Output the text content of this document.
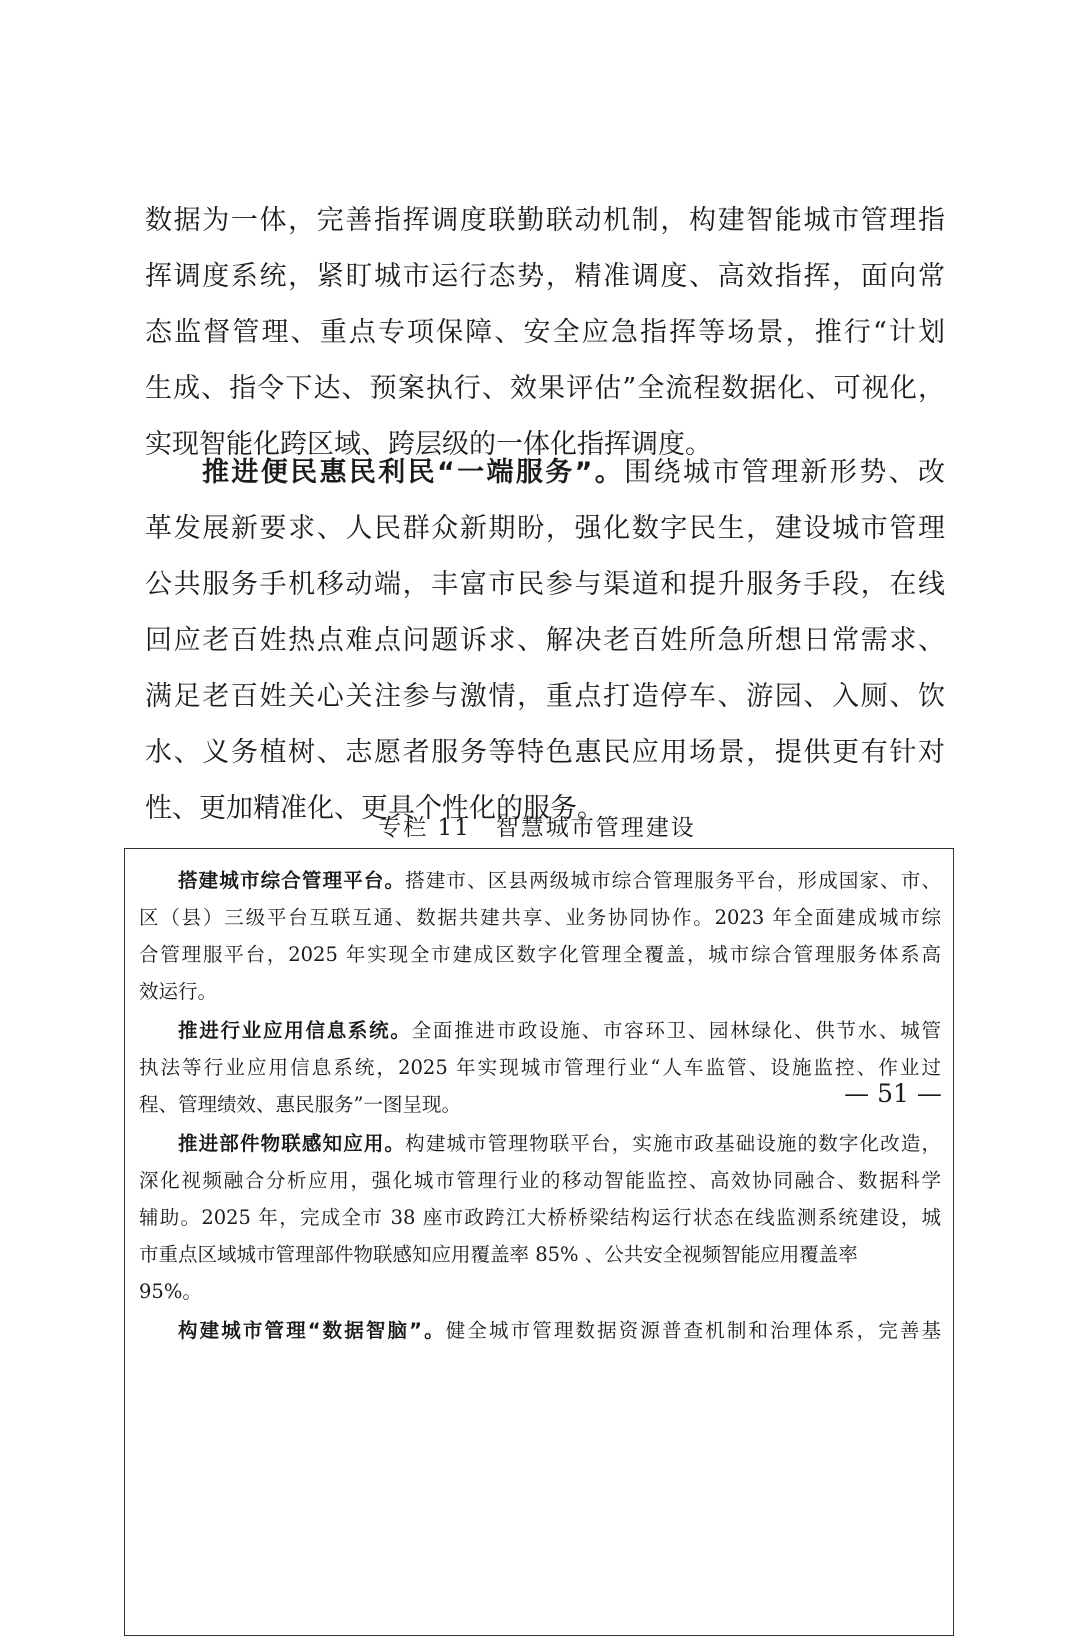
数据为一体，完善指挥调度联勤联动机制，构建智能城市管理指
挥调度系统，紧盯城市运行态势，精准调度、高效指挥，面向常
态监督管理、重点专项保障、安全应急指挥等场景，推行“计划
生成、指令下达、预案执行、效果评估”全流程数据化、可视化，
实现智能化跨区域、跨层级的一体化指挥调度。
推进便民惠民利民“一端服务”。围绕城市管理新形势、改
革发展新要求、人民群众新期盼，强化数字民生，建设城市管理
公共服务手机移动端，丰富市民参与渠道和提升服务手段，在线
回应老百姓热点难点问题诉求、解决老百姓所急所想日常需求、
满足老百姓关心关注参与激情，重点打造停车、游园、入厕、饮
水、义务植树、志愿者服务等特色惠民应用场景，提供更有针对
性、更加精准化、更具个性化的服务。
专栏 11　智慧城市管理建设
搭建城市综合管理平台。搭建市、区县两级城市综合管理服务平台，形成国家、市、
区（县）三级平台互联互通、数据共建共享、业务协同协作。2023 年全面建成城市综
合管理服平台，2025 年实现全市建成区数字化管理全覆盖，城市综合管理服务体系高
效运行。
推进行业应用信息系统。全面推进市政设施、市容环卫、园林绿化、供节水、城管
执法等行业应用信息系统，2025 年实现城市管理行业“人车监管、设施监控、作业过
程、管理绩效、惠民服务”一图呈现。
推进部件物联感知应用。构建城市管理物联平台，实施市政基础设施的数字化改造，
深化视频融合分析应用，强化城市管理行业的移动智能监控、高效协同融合、数据科学
辅助。2025 年，完成全市 38 座市政跨江大桥桥梁结构运行状态在线监测系统建设，城
市重点区域城市管理部件物联感知应用覆盖率 85% 、公共安全视频智能应用覆盖率
95%。
构建城市管理“数据智脑”。健全城市管理数据资源普查机制和治理体系，完善基
— 51 —
